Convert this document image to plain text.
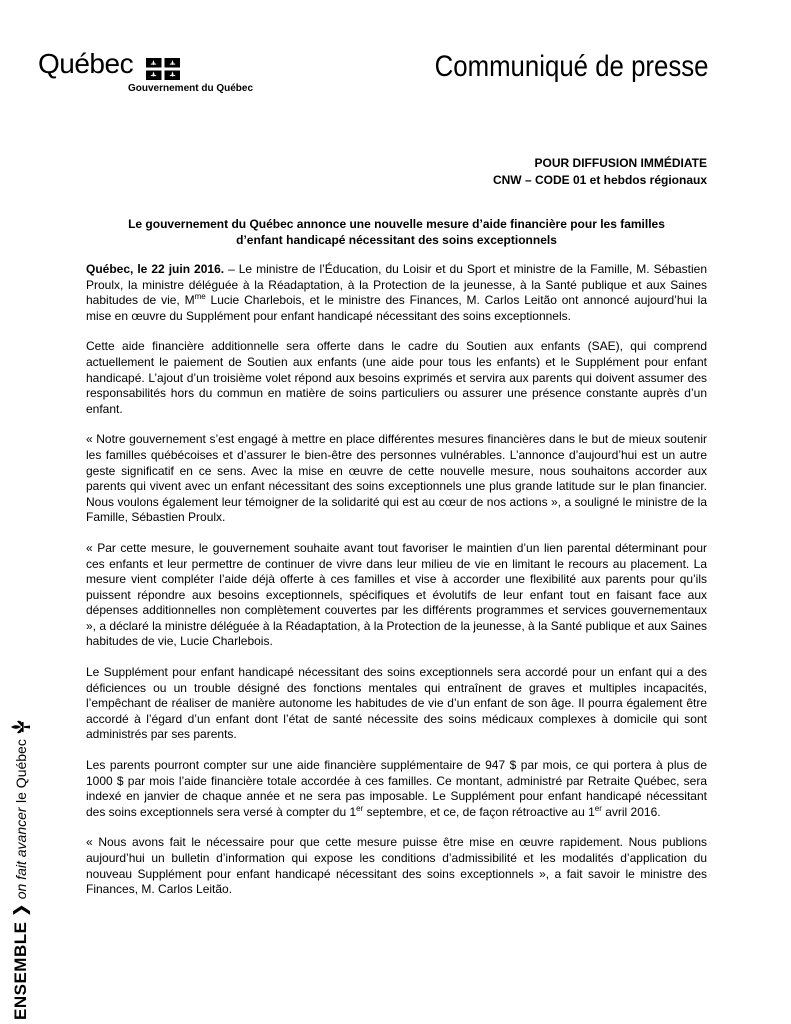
Québec
Gouvernement du Québec
Communiqué de presse
POUR DIFFUSION IMMÉDIATE
CNW – CODE 01 et hebdos régionaux
Le gouvernement du Québec annonce une nouvelle mesure d’aide financière pour les familles
d’enfant handicapé nécessitant des soins exceptionnels

Québec, le 22 juin 2016. – Le ministre de l’Éducation, du Loisir et du Sport et ministre de la Famille, M. Sébastien Proulx, la ministre déléguée à la Réadaptation, à la Protection de la jeunesse, à la Santé publique et aux Saines habitudes de vie, $M^{me}$ Lucie Charlebois, et le ministre des Finances, M. Carlos Leitão ont annoncé aujourd’hui la mise en œuvre du Supplément pour enfant handicapé nécessitant des soins exceptionnels.

Cette aide financière additionnelle sera offerte dans le cadre du Soutien aux enfants (SAE), qui comprend actuellement le paiement de Soutien aux enfants (une aide pour tous les enfants) et le Supplément pour enfant handicapé. L’ajout d’un troisième volet répond aux besoins exprimés et servira aux parents qui doivent assumer des responsabilités hors du commun en matière de soins particuliers ou assurer une présence constante auprès d’un enfant.

« Notre gouvernement s’est engagé à mettre en place différentes mesures financières dans le but de mieux soutenir les familles québécoises et d’assurer le bien-être des personnes vulnérables. L’annonce d’aujourd’hui est un autre geste significatif en ce sens. Avec la mise en œuvre de cette nouvelle mesure, nous souhaitons accorder aux parents qui vivent avec un enfant nécessitant des soins exceptionnels une plus grande latitude sur le plan financier. Nous voulons également leur témoigner de la solidarité qui est au cœur de nos actions », a souligné le ministre de la Famille, Sébastien Proulx.

« Par cette mesure, le gouvernement souhaite avant tout favoriser le maintien d’un lien parental déterminant pour ces enfants et leur permettre de continuer de vivre dans leur milieu de vie en limitant le recours au placement. La mesure vient compléter l’aide déjà offerte à ces familles et vise à accorder une flexibilité aux parents pour qu’ils puissent répondre aux besoins exceptionnels, spécifiques et évolutifs de leur enfant tout en faisant face aux dépenses additionnelles non complètement couvertes par les différents programmes et services gouvernementaux », a déclaré la ministre déléguée à la Réadaptation, à la Protection de la jeunesse, à la Santé publique et aux Saines habitudes de vie, Lucie Charlebois.

Le Supplément pour enfant handicapé nécessitant des soins exceptionnels sera accordé pour un enfant qui a des déficiences ou un trouble désigné des fonctions mentales qui entraînent de graves et multiples incapacités, l’empêchant de réaliser de manière autonome les habitudes de vie d’un enfant de son âge. Il pourra également être accordé à l’égard d’un enfant dont l’état de santé nécessite des soins médicaux complexes à domicile qui sont administrés par ses parents.

Les parents pourront compter sur une aide financière supplémentaire de 947 $ par mois, ce qui portera à plus de 1000 $ par mois l’aide financière totale accordée à ces familles. Ce montant, administré par Retraite Québec, sera indexé en janvier de chaque année et ne sera pas imposable. Le Supplément pour enfant handicapé nécessitant des soins exceptionnels sera versé à compter du 1er septembre, et ce, de façon rétroactive au 1er avril 2016.

« Nous avons fait le nécessaire pour que cette mesure puisse être mise en œuvre rapidement. Nous publions aujourd’hui un bulletin d’information qui expose les conditions d’admissibilité et les modalités d’application du nouveau Supplément pour enfant handicapé nécessitant des soins exceptionnels », a fait savoir le ministre des Finances, M. Carlos Leitão.

ENSEMBLE
❯
on fait avancer

le Québec
